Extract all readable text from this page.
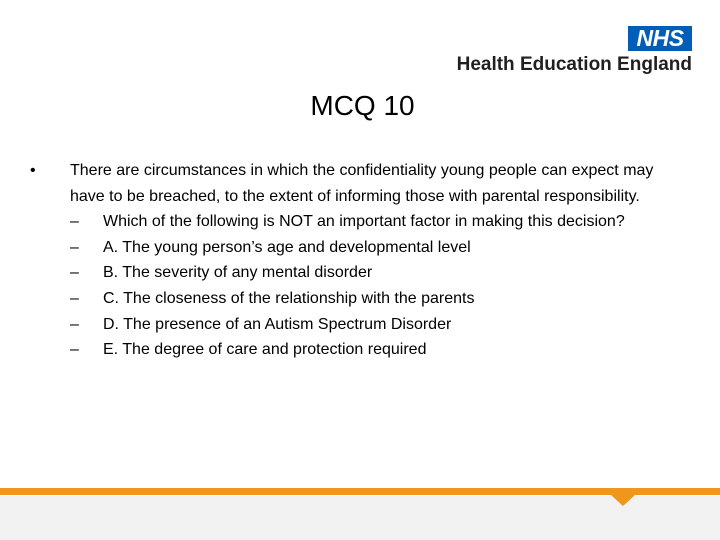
NHS
Health Education England
MCQ 10
• There are circumstances in which the confidentiality young people can expect may have to be breached, to the extent of informing those with parental responsibility.
– Which of the following is NOT an important factor in making this decision?
– A. The young person’s age and developmental level
– B. The severity of any mental disorder
– C. The closeness of the relationship with the parents
– D. The presence of an Autism Spectrum Disorder
– E. The degree of care and protection required
